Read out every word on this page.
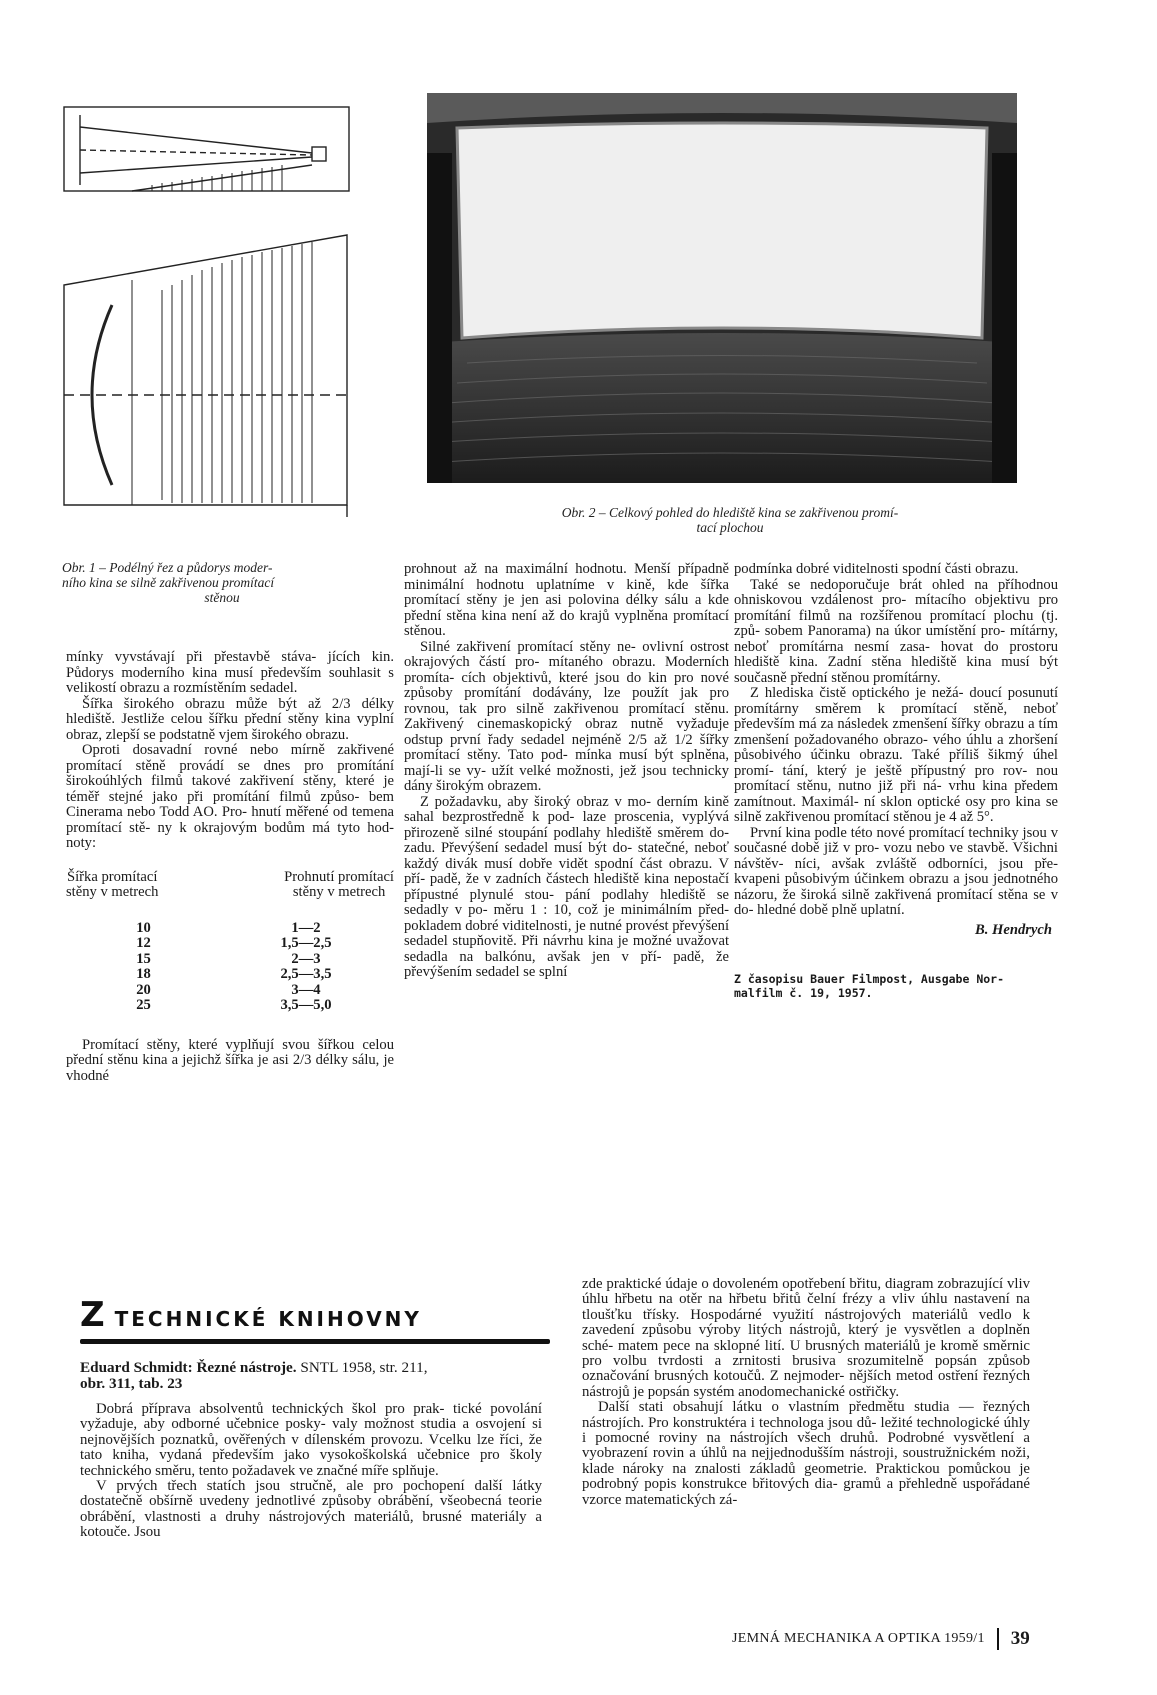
Obr. 1 – Podélný řez a půdorys moder-
ního kina se silně zakřivenou promítací
stěnou
Obr. 2 – Celkový pohled do hlediště kina se zakřivenou promí-
tací plochou

mínky vyvstávají při přestavbě stáva- jících kin. Půdorys moderního kina musí především souhlasit s velikostí obrazu a rozmístěním sedadel.

Šířka širokého obrazu může být až 2/3 délky hlediště. Jestliže celou šířku přední stěny kina vyplní obraz, zlepší se podstatně vjem širokého obrazu.

Oproti dosavadní rovné nebo mírně zakřivené promítací stěně provádí se dnes pro promítání širokoúhlých filmů takové zakřivení stěny, které je téměř stejné jako při promítání filmů způso- bem Cinerama nebo Todd AO. Pro- hnutí měřené od temena promítací stě- ny k okrajovým bodům má tyto hod- noty:

Šířka promítací
stěny v metrech
Prohnutí promítací
stěny v metrech
10	1—2
12	1,5—2,5
15	2—3
18	2,5—3,5
20	3—4
25	3,5—5,0

Promítací stěny, které vyplňují svou šířkou celou přední stěnu kina a jejichž šířka je asi 2/3 délky sálu, je vhodné

prohnout až na maximální hodnotu. Menší případně minimální hodnotu uplatníme v kině, kde šířka promítací stěny je jen asi polovina délky sálu a kde přední stěna kina není až do krajů vyplněna promítací stěnou.

Silné zakřivení promítací stěny ne- ovlivní ostrost okrajových částí pro- mítaného obrazu. Moderních promíta- cích objektivů, které jsou do kin pro nové způsoby promítání dodávány, lze použít jak pro rovnou, tak pro silně zakřivenou promítací stěnu. Zakřivený cinemaskopický obraz nutně vyžaduje odstup první řady sedadel nejméně 2/5 až 1/2 šířky promítací stěny. Tato pod- mínka musí být splněna, mají-li se vy- užít velké možnosti, jež jsou technicky dány širokým obrazem.

Z požadavku, aby široký obraz v mo- derním kině sahal bezprostředně k pod- laze proscenia, vyplývá přirozeně silné stoupání podlahy hlediště směrem do- zadu. Převýšení sedadel musí být do- statečné, neboť každý divák musí dobře vidět spodní část obrazu. V pří- padě, že v zadních částech hlediště kina nepostačí přípustné plynulé stou- pání podlahy hlediště se sedadly v po- měru 1 : 10, což je minimálním před- pokladem dobré viditelnosti, je nutné provést převýšení sedadel stupňovitě. Při návrhu kina je možné uvažovat sedadla na balkónu, avšak jen v pří- padě, že převýšením sedadel se splní

podmínka dobré viditelnosti spodní části obrazu.

Také se nedoporučuje brát ohled na příhodnou ohniskovou vzdálenost pro- mítacího objektivu pro promítání filmů na rozšířenou promítací plochu (tj. způ- sobem Panorama) na úkor umístění pro- mítárny, neboť promítárna nesmí zasa- hovat do prostoru hlediště kina. Zadní stěna hlediště kina musí být současně přední stěnou promítárny.

Z hlediska čistě optického je nežá- doucí posunutí promítárny směrem k promítací stěně, neboť především má za následek zmenšení šířky obrazu a tím zmenšení požadovaného obrazo- vého úhlu a zhoršení působivého účinku obrazu. Také příliš šikmý úhel promí- tání, který je ještě přípustný pro rov- nou promítací stěnu, nutno již při ná- vrhu kina předem zamítnout. Maximál- ní sklon optické osy pro kina se silně zakřivenou promítací stěnou je 4 až 5°.

První kina podle této nové promítací techniky jsou v současné době již v pro- vozu nebo ve stavbě. Všichni návštěv- níci, avšak zvláště odborníci, jsou pře- kvapeni působivým účinkem obrazu a jsou jednotného názoru, že široká silně zakřivená promítací stěna se v do- hledné době plně uplatní.

B. Hendrych
Z časopisu Bauer Filmpost, Ausgabe Nor- malfilm č. 19, 1957.
Z TECHNICKÉ KNIHOVNY
Eduard Schmidt: Řezné nástroje. SNTL 1958, str. 211,
obr. 311, tab. 23

Dobrá příprava absolventů technických škol pro prak- tické povolání vyžaduje, aby odborné učebnice posky- valy možnost studia a osvojení si nejnovějších poznatků, ověřených v dílenském provozu. Vcelku lze říci, že tato kniha, vydaná především jako vysokoškolská učebnice pro školy technického směru, tento požadavek ve značné míře splňuje.

V prvých třech statích jsou stručně, ale pro pochopení další látky dostatečně obšírně uvedeny jednotlivé způsoby obrábění, všeobecná teorie obrábění, vlastnosti a druhy nástrojových materiálů, brusné materiály a kotouče. Jsou

zde praktické údaje o dovoleném opotřebení břitu, diagram zobrazující vliv úhlu hřbetu na otěr na hřbetu břitů čelní frézy a vliv úhlu nastavení na tloušťku třísky. Hospodárné využití nástrojových materiálů vedlo k zavedení způsobu výroby litých nástrojů, který je vysvětlen a doplněn sché- matem pece na sklopné lití. U brusných materiálů je kromě směrnic pro volbu tvrdosti a zrnitosti brusiva srozumitelně popsán způsob označování brusných kotoučů. Z nejmoder- nějších metod ostření řezných nástrojů je popsán systém anodomechanické ostřičky.

Další stati obsahují látku o vlastním předmětu studia — řezných nástrojích. Pro konstruktéra i technologa jsou dů- ležité technologické úhly i pomocné roviny na nástrojích všech druhů. Podrobné vysvětlení a vyobrazení rovin a úhlů na nejjednodušším nástroji, soustružnickém noži, klade nároky na znalosti základů geometrie. Praktickou pomůckou je podrobný popis konstrukce břitových dia- gramů a přehledně uspořádané vzorce matematických zá-

JEMNÁ MECHANIKA A OPTIKA 1959/1 39
